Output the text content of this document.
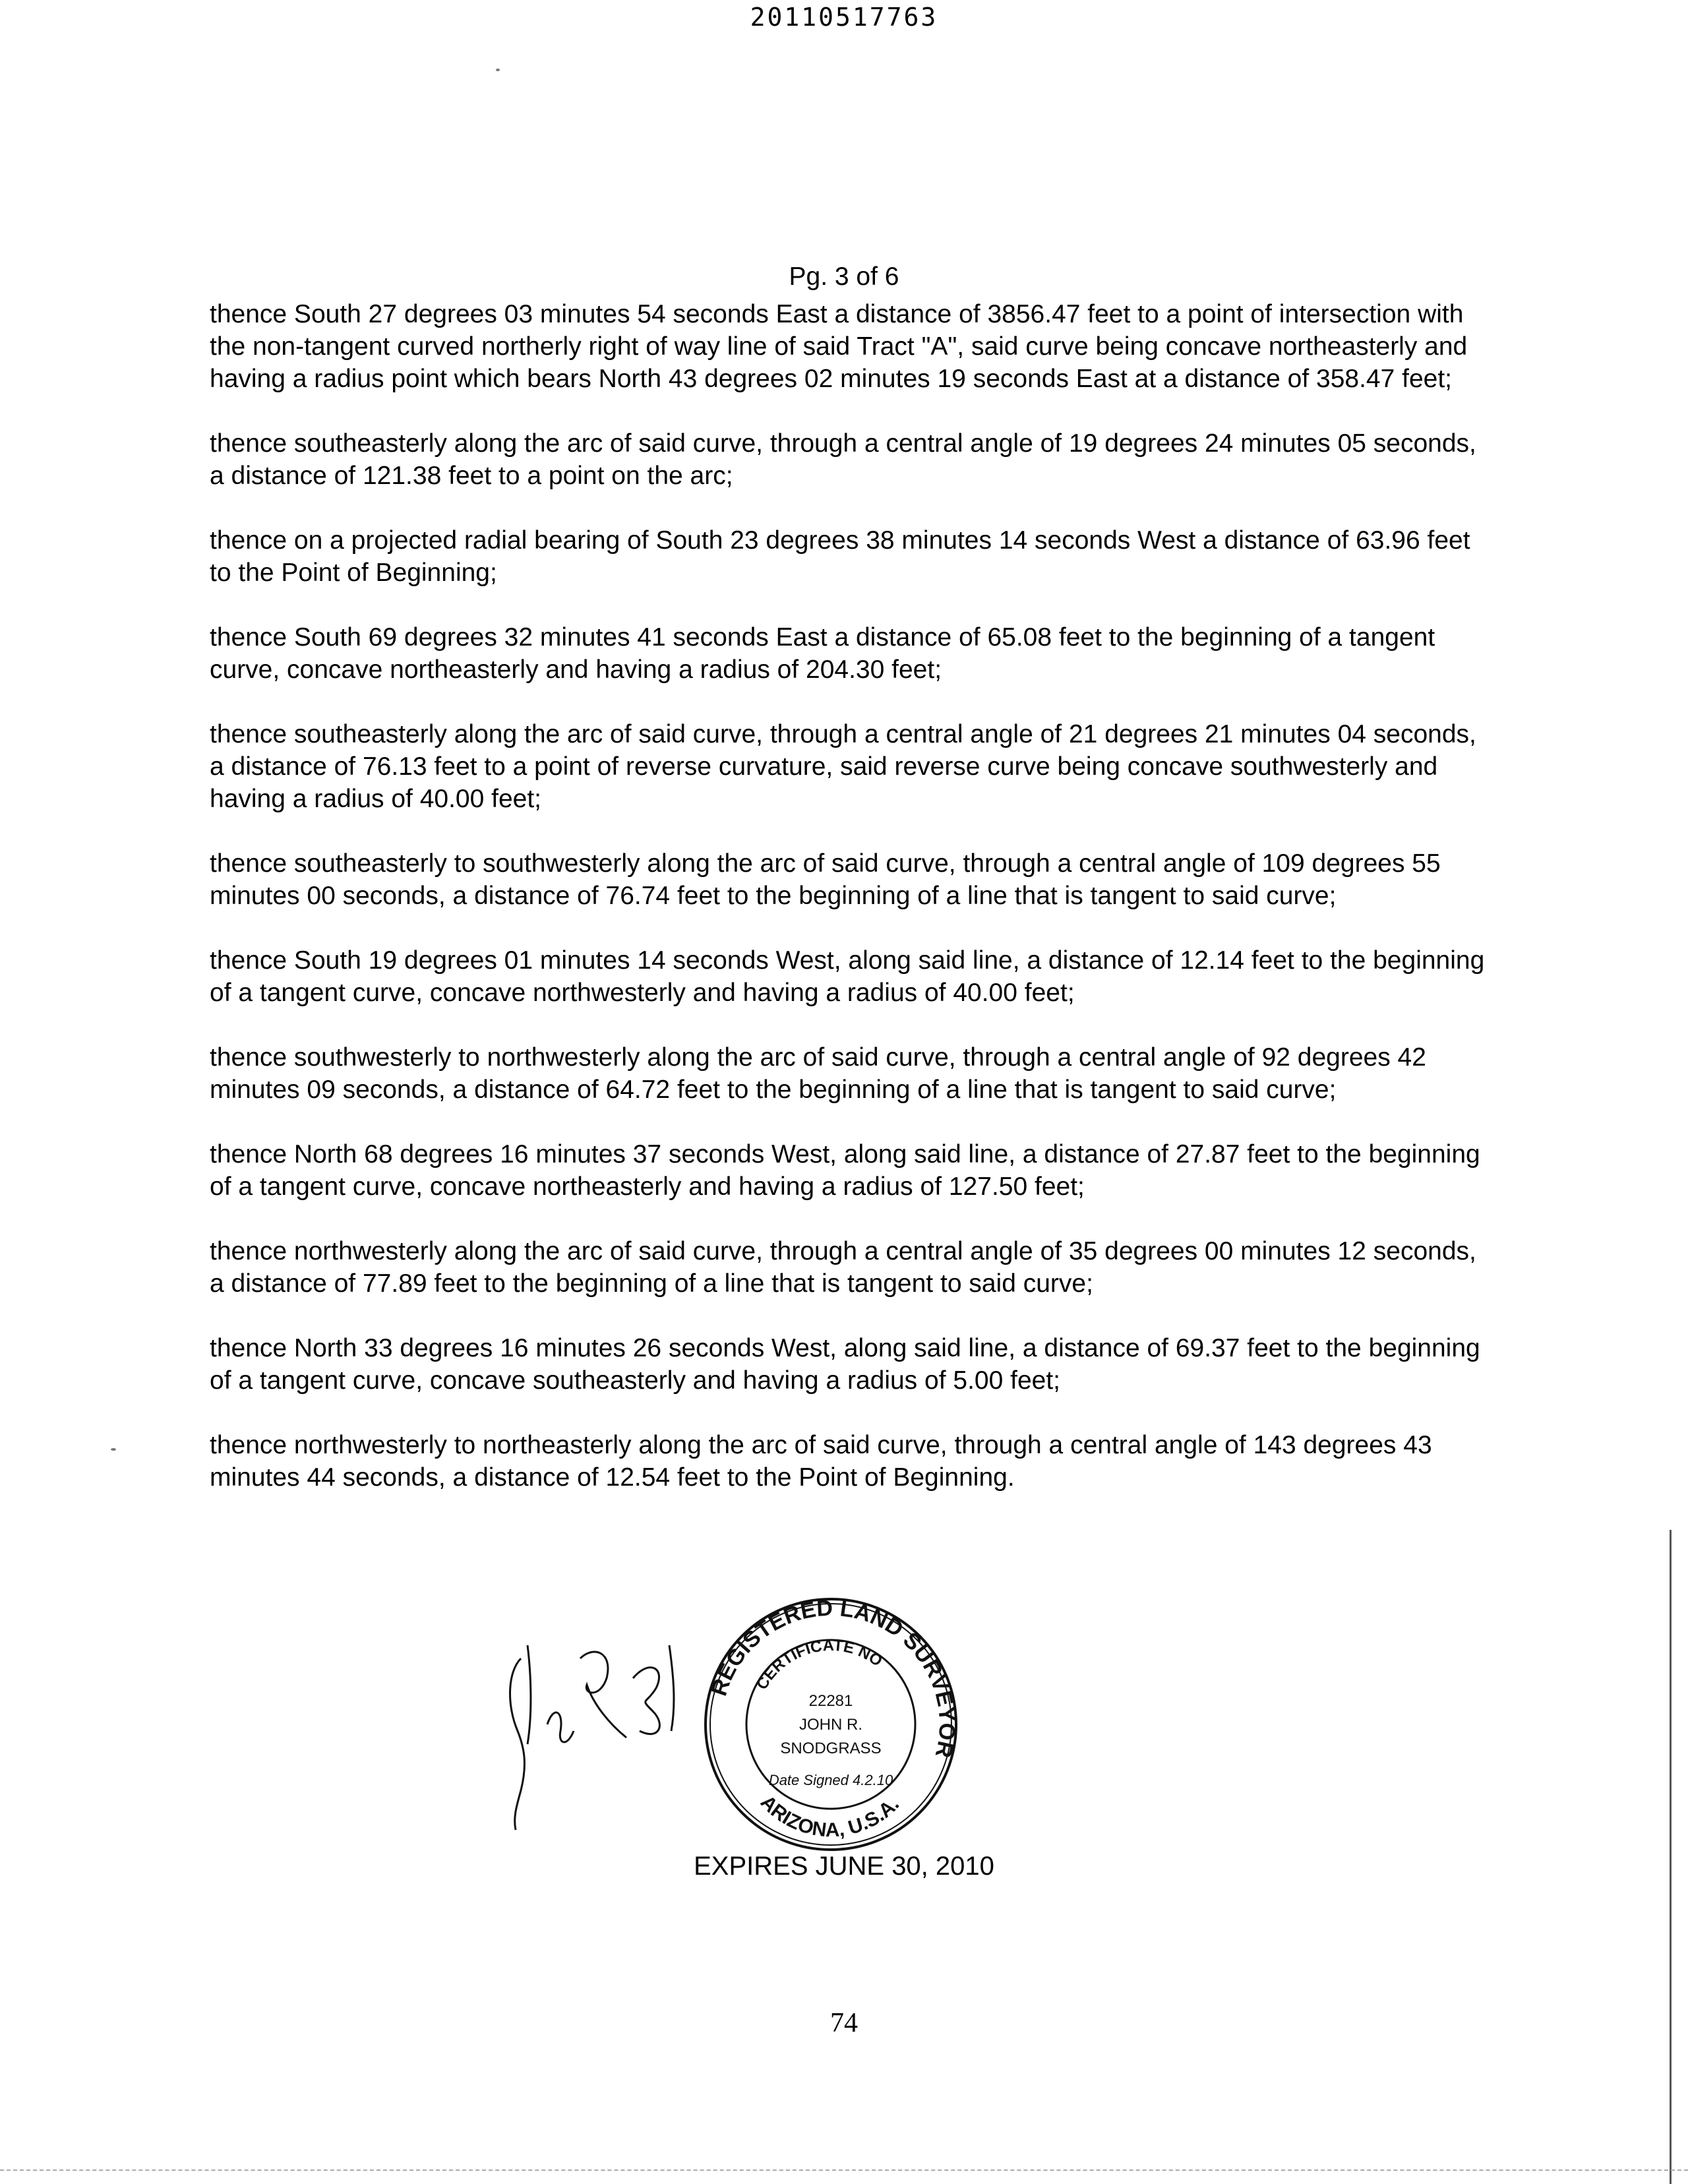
20110517763
Pg. 3 of 6

thence South 27 degrees 03 minutes 54 seconds East a distance of 3856.47 feet to a point of intersection with the non-tangent curved northerly right of way line of said Tract "A", said curve being concave northeasterly and having a radius point which bears North 43 degrees 02 minutes 19 seconds East at a distance of 358.47 feet;

thence southeasterly along the arc of said curve, through a central angle of 19 degrees 24 minutes 05 seconds, a distance of 121.38 feet to a point on the arc;

thence on a projected radial bearing of South 23 degrees 38 minutes 14 seconds West a distance of 63.96 feet to the Point of Beginning;

thence South 69 degrees 32 minutes 41 seconds East a distance of 65.08 feet to the beginning of a tangent curve, concave northeasterly and having a radius of 204.30 feet;

thence southeasterly along the arc of said curve, through a central angle of 21 degrees 21 minutes 04 seconds, a distance of 76.13 feet to a point of reverse curvature, said reverse curve being concave southwesterly and having a radius of 40.00 feet;

thence southeasterly to southwesterly along the arc of said curve, through a central angle of 109 degrees 55 minutes 00 seconds, a distance of 76.74 feet to the beginning of a line that is tangent to said curve;

thence South 19 degrees 01 minutes 14 seconds West, along said line, a distance of 12.14 feet to the beginning of a tangent curve, concave northwesterly and having a radius of 40.00 feet;

thence southwesterly to northwesterly along the arc of said curve, through a central angle of 92 degrees 42 minutes 09 seconds, a distance of 64.72 feet to the beginning of a line that is tangent to said curve;

thence North 68 degrees 16 minutes 37 seconds West, along said line, a distance of 27.87 feet to the beginning of a tangent curve, concave northeasterly and having a radius of 127.50 feet;

thence northwesterly along the arc of said curve, through a central angle of 35 degrees 00 minutes 12 seconds, a distance of 77.89 feet to the beginning of a line that is tangent to said curve;

thence North 33 degrees 16 minutes 26 seconds West, along said line, a distance of 69.37 feet to the beginning of a tangent curve, concave southeasterly and having a radius of 5.00 feet;

thence northwesterly to northeasterly along the arc of said curve, through a central angle of 143 degrees 43 minutes 44 seconds, a distance of 12.54 feet to the Point of Beginning.

REGISTERED LAND SURVEYOR
CERTIFICATE NO
22281
JOHN R.
SNODGRASS
Date Signed 4.2.10
ARIZONA, U.S.A.
EXPIRES JUNE 30, 2010
74
